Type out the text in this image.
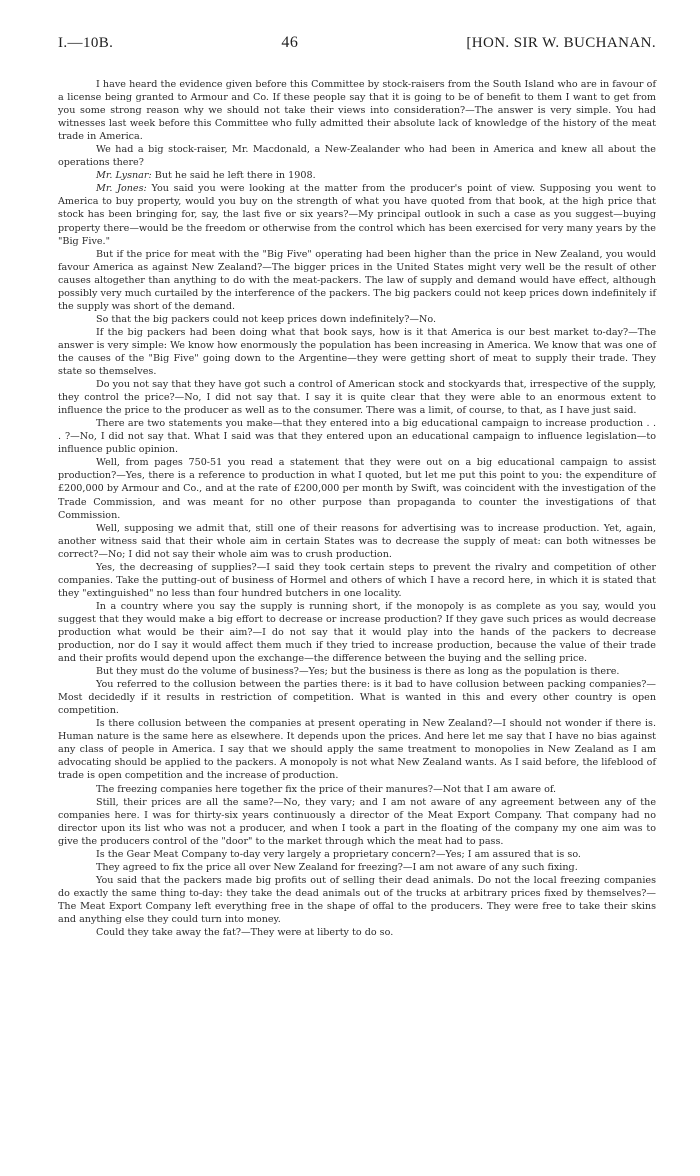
I.—10B.	46	[HON. SIR W. BUCHANAN.

I have heard the evidence given before this Committee by stock-raisers from the South Island who are in favour of a license being granted to Armour and Co. If these people say that it is going to be of benefit to them I want to get from you some strong reason why we should not take their views into consideration?—The answer is very simple. You had witnesses last week before this Committee who fully admitted their absolute lack of knowledge of the history of the meat trade in America.

We had a big stock-raiser, Mr. Macdonald, a New-Zealander who had been in America and knew all about the operations there?

Mr. Lysnar: But he said he left there in 1908.

Mr. Jones: You said you were looking at the matter from the producer's point of view. Supposing you went to America to buy property, would you buy on the strength of what you have quoted from that book, at the high price that stock has been bringing for, say, the last five or six years?—My principal outlook in such a case as you suggest—buying property there—would be the freedom or otherwise from the control which has been exercised for very many years by the "Big Five."

But if the price for meat with the "Big Five" operating had been higher than the price in New Zealand, you would favour America as against New Zealand?—The bigger prices in the United States might very well be the result of other causes altogether than anything to do with the meat-packers. The law of supply and demand would have effect, although possibly very much curtailed by the interference of the packers. The big packers could not keep prices down indefinitely if the supply was short of the demand.

So that the big packers could not keep prices down indefinitely?—No.

If the big packers had been doing what that book says, how is it that America is our best market to-day?—The answer is very simple: We know how enormously the population has been increasing in America. We know that was one of the causes of the "Big Five" going down to the Argentine—they were getting short of meat to supply their trade. They state so themselves.

Do you not say that they have got such a control of American stock and stockyards that, irrespective of the supply, they control the price?—No, I did not say that. I say it is quite clear that they were able to an enormous extent to influence the price to the producer as well as to the consumer. There was a limit, of course, to that, as I have just said.

There are two statements you make—that they entered into a big educational campaign to increase production . . . ?—No, I did not say that. What I said was that they entered upon an educational campaign to influence legislation—to influence public opinion.

Well, from pages 750-51 you read a statement that they were out on a big educational campaign to assist production?—Yes, there is a reference to production in what I quoted, but let me put this point to you: the expenditure of £200,000 by Armour and Co., and at the rate of £200,000 per month by Swift, was coincident with the investigation of the Trade Commission, and was meant for no other purpose than propaganda to counter the investigations of that Commission.

Well, supposing we admit that, still one of their reasons for advertising was to increase production. Yet, again, another witness said that their whole aim in certain States was to decrease the supply of meat: can both witnesses be correct?—No; I did not say their whole aim was to crush production.

Yes, the decreasing of supplies?—I said they took certain steps to prevent the rivalry and competition of other companies. Take the putting-out of business of Hormel and others of which I have a record here, in which it is stated that they "extinguished" no less than four hundred butchers in one locality.

In a country where you say the supply is running short, if the monopoly is as complete as you say, would you suggest that they would make a big effort to decrease or increase production? If they gave such prices as would decrease production what would be their aim?—I do not say that it would play into the hands of the packers to decrease production, nor do I say it would affect them much if they tried to increase production, because the value of their trade and their profits would depend upon the exchange—the difference between the buying and the selling price.

But they must do the volume of business?—Yes; but the business is there as long as the population is there.

You referred to the collusion between the parties there: is it bad to have collusion between packing companies?—Most decidedly if it results in restriction of competition. What is wanted in this and every other country is open competition.

Is there collusion between the companies at present operating in New Zealand?—I should not wonder if there is. Human nature is the same here as elsewhere. It depends upon the prices. And here let me say that I have no bias against any class of people in America. I say that we should apply the same treatment to monopolies in New Zealand as I am advocating should be applied to the packers. A monopoly is not what New Zealand wants. As I said before, the lifeblood of trade is open competition and the increase of production.

The freezing companies here together fix the price of their manures?—Not that I am aware of.

Still, their prices are all the same?—No, they vary; and I am not aware of any agreement between any of the companies here. I was for thirty-six years continuously a director of the Meat Export Company. That company had no director upon its list who was not a producer, and when I took a part in the floating of the company my one aim was to give the producers control of the "door" to the market through which the meat had to pass.

Is the Gear Meat Company to-day very largely a proprietary concern?—Yes; I am assured that is so.

They agreed to fix the price all over New Zealand for freezing?—I am not aware of any such fixing.

You said that the packers made big profits out of selling their dead animals. Do not the local freezing companies do exactly the same thing to-day: they take the dead animals out of the trucks at arbitrary prices fixed by themselves?—The Meat Export Company left everything free in the shape of offal to the producers. They were free to take their skins and anything else they could turn into money.

Could they take away the fat?—They were at liberty to do so.
